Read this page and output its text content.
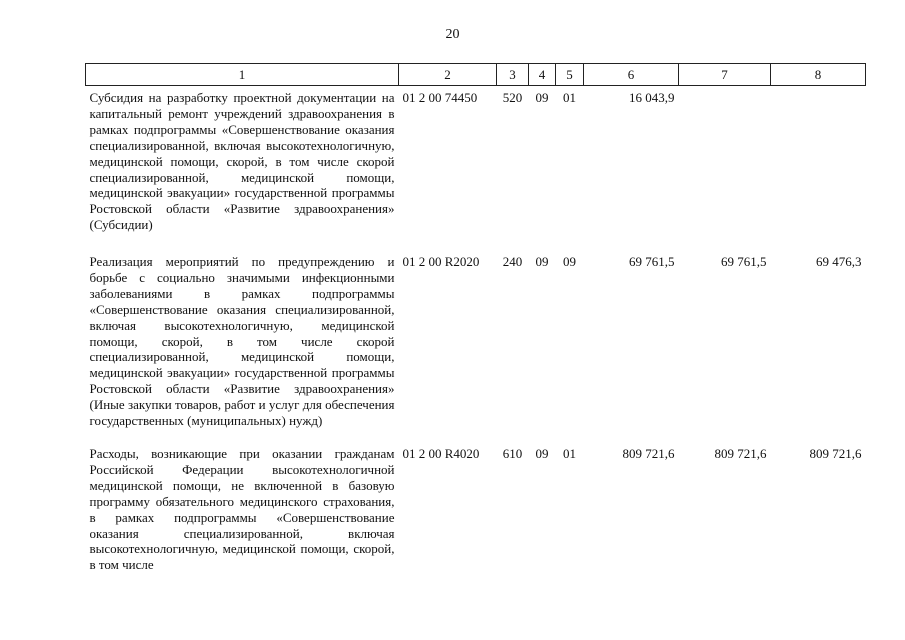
20
1	2	3	4	5	6	7	8
Субсидия на разработку проектной документации на капитальный ремонт учреждений здравоохранения в рамках подпрограммы «Совершенствование оказания специализированной, включая высокотехнологичную, медицинской помощи, скорой, в том числе скорой специализированной, медицинской помощи, медицинской эвакуации» государственной программы Ростовской области «Развитие здравоохранения» (Субсидии)	01 2 00 74450	520	09	01	16 043,9		
Реализация мероприятий по предупреждению и борьбе с социально значимыми инфекционными заболеваниями в рамках подпрограммы «Совершенствование оказания специализированной, включая высокотехнологичную, медицинской помощи, скорой, в том числе скорой специализированной, медицинской помощи, медицинской эвакуации» государственной программы Ростовской области «Развитие здравоохранения» (Иные закупки товаров, работ и услуг для обеспечения государственных (муниципальных) нужд)	01 2 00 R2020	240	09	09	69 761,5	69 761,5	69 476,3
Расходы, возникающие при оказании гражданам Российской Федерации высокотехнологичной медицинской помощи, не включенной в базовую программу обязательного медицинского страхования, в рамках подпрограммы «Совершенствование оказания специализированной, включая высокотехнологичную, медицинской помощи, скорой, в том числе	01 2 00 R4020	610	09	01	809 721,6	809 721,6	809 721,6
